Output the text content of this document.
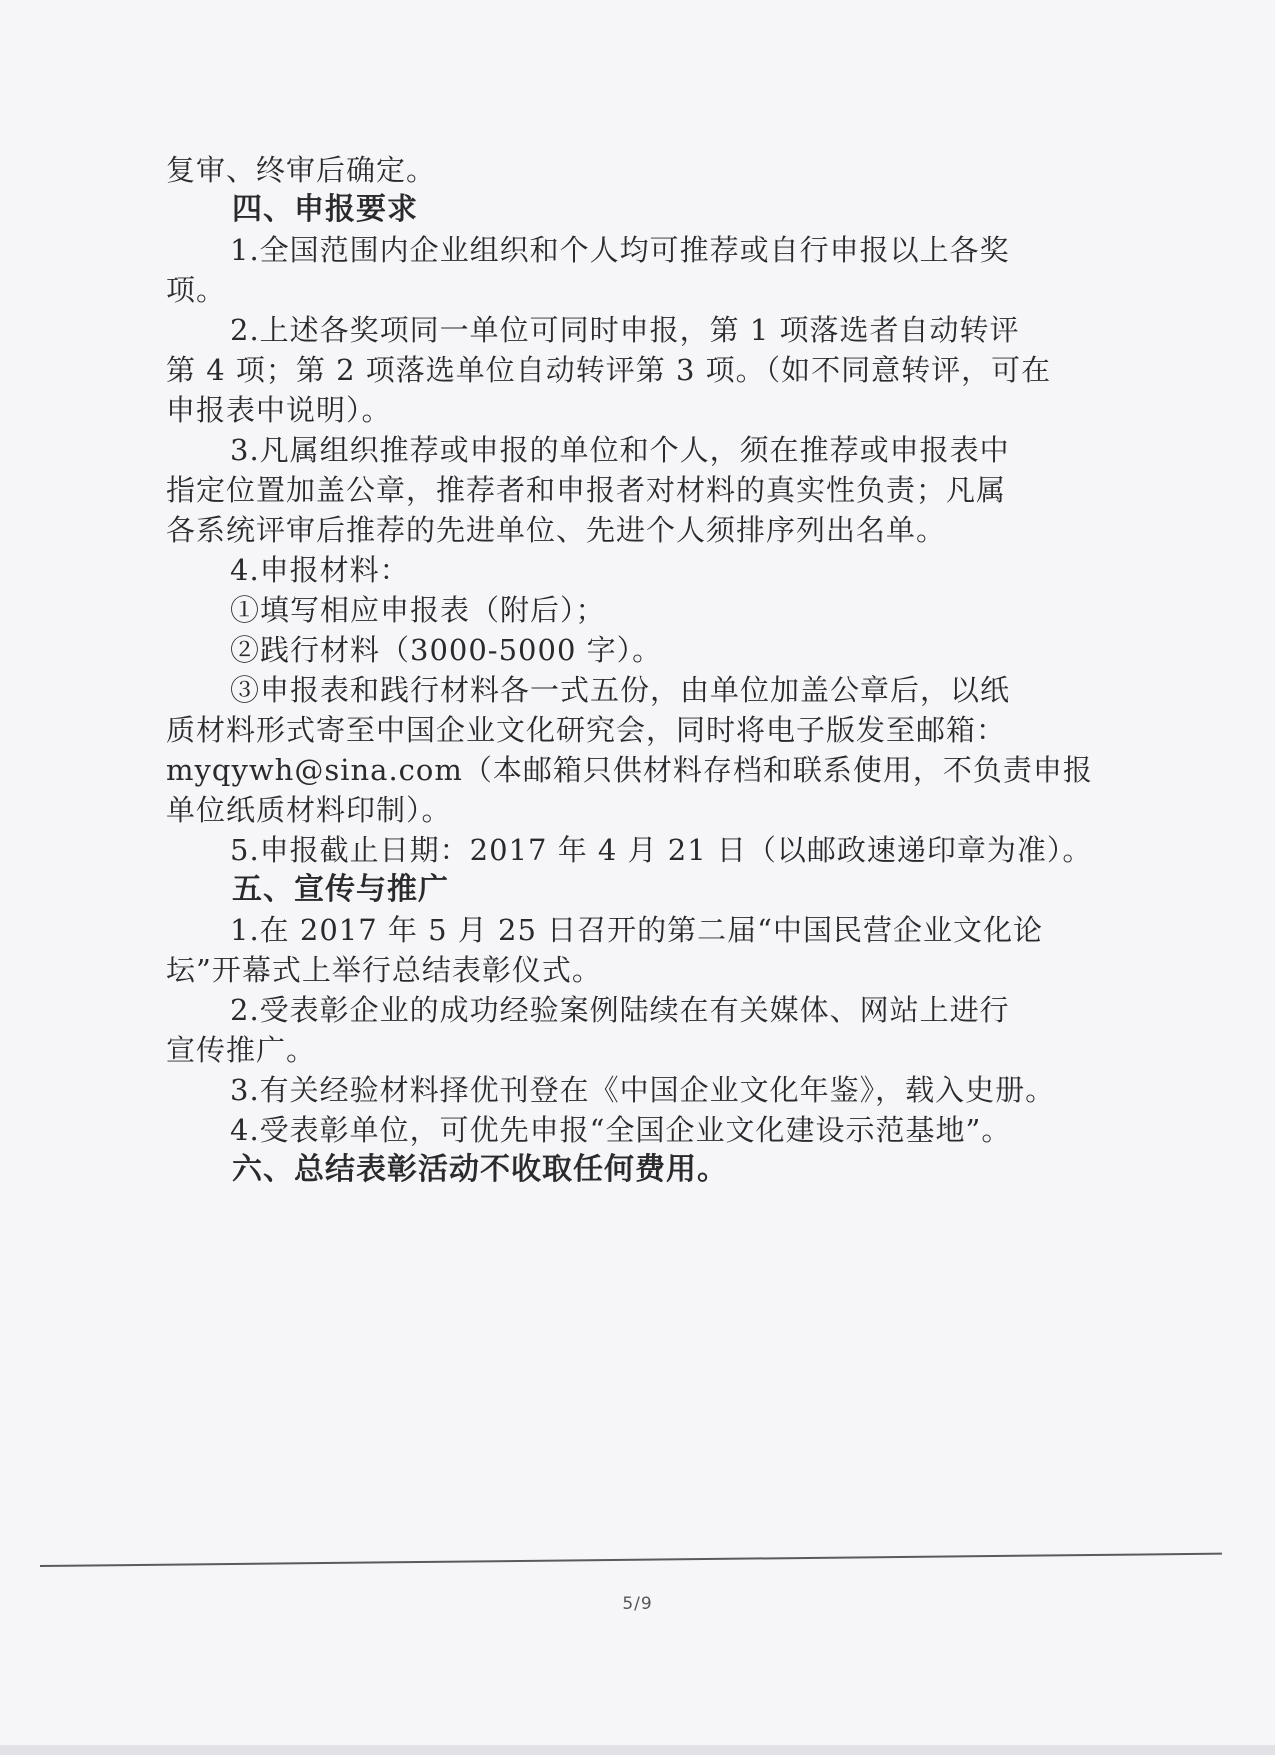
复审、终审后确定。
四、申报要求
1.全国范围内企业组织和个人均可推荐或自行申报以上各奖
项。
2.上述各奖项同一单位可同时申报，第 1 项落选者自动转评
第 4 项；第 2 项落选单位自动转评第 3 项。（如不同意转评，可在
申报表中说明）。
3.凡属组织推荐或申报的单位和个人，须在推荐或申报表中
指定位置加盖公章，推荐者和申报者对材料的真实性负责；凡属
各系统评审后推荐的先进单位、先进个人须排序列出名单。
4.申报材料：
①填写相应申报表（附后）；
②践行材料（3000-5000 字）。
③申报表和践行材料各一式五份，由单位加盖公章后，以纸
质材料形式寄至中国企业文化研究会，同时将电子版发至邮箱：
myqywh@sina.com（本邮箱只供材料存档和联系使用，不负责申报
单位纸质材料印制）。
5.申报截止日期：2017 年 4 月 21 日（以邮政速递印章为准）。
五、宣传与推广
1.在 2017 年 5 月 25 日召开的第二届“中国民营企业文化论
坛”开幕式上举行总结表彰仪式。
2.受表彰企业的成功经验案例陆续在有关媒体、网站上进行
宣传推广。
3.有关经验材料择优刊登在《中国企业文化年鉴》，载入史册。
4.受表彰单位，可优先申报“全国企业文化建设示范基地”。
六、总结表彰活动不收取任何费用。
5/9
